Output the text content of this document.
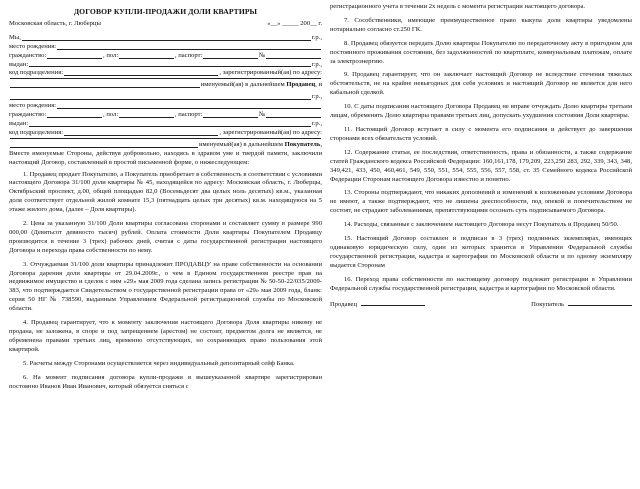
ДОГОВОР КУПЛИ-ПРОДАЖИ ДОЛИ КВАРТИРЫ
Московская область, г. Люберцы	«__» _____ 200__ г.
Мы,	г.р.,
место рождения:
гражданство:	, пол:	, паспорт:	№
выдан:	г.р.,
код подразделения:	, зарегистрированный(ая) по адресу:
именуемый(ая) в дальнейшем
Продавец , и
г.р.,
место рождения:
гражданство:	, пол:	, паспорт:	№
выдан:	г.р.,
код подразделения:	, зарегистрированный(ая) по адресу:
именуемый(ая) в дальнейшем
Покупатель ,

Вместе именуемые Стороны, действуя добровольно, находясь в здравом уме и твердой памяти, заключили настоящий Договор, составленный в простой письменной форме, о нижеследующем:

1. Продавец продает Покупателю, а Покупатель приобретает в собственность в соответствии с условиями настоящего Договора 31/100 доли квартиры № 45, находящейся по адресу: Московская область, г. Люберцы, Октябрьский проспект, д.00, общей площадью 82,0 (Восемьдесят два целых ноль десятых) кв.м., указанная доля соответствует отдельной жилой комнате 15,3 (пятнадцать целых три десятых) кв.м. находящуюся на 5 этаже жилого дома, (далее – Доля квартиры).

2. Цена за указанную 31/100 Доли квартиры согласована сторонами и составляет сумму в размере 990 000,00 (Девятьсот девяносто тысяч) рублей. Оплата стоимости Доли квартиры Покупателем Продавцу производится в течение 3 (трех) рабочих дней, считая с даты государственной регистрации настоящего Договора и перехода права собственности по нему.

3. Отчуждаемая 31/100 доли квартиры принадлежит ПРОДАВЦУ на праве собственности на основании Договора дарения доли квартиры от 29.04.2009г., о чем в Едином государственном реестре прав на недвижимое имущество и сделок с ним «29» мая 2009 года сделана запись регистрации № 50-50-22/035/2009-383, что подтверждается Свидетельством о государственной регистрации права от «29» мая 2009 года, бланк: серия 50 НГ № 738590, выданным Управлением Федеральной регистрационной службы по Московской области.

4. Продавец гарантирует, что к моменту заключения настоящего Договора Доля квартиры никому не продана, не заложена, в споре и под запрещением (арестом) не состоит, предметом долга не является, не обременена правами третьих лиц, временно отсутствующих, но сохраняющих право пользования этой квартирой.

5. Расчеты между Сторонами осуществляется через индивидуальный депозитарный сейф Банка.

6. На момент подписания договора купли-продажи в вышеуказанной квартире зарегистрирован постоянно Иванов Иван Иванович, который обязуется сняться с

регистрационного учета в течении 2х недель с момента регистрации настоящего договора.

7. Сособственники, имеющие преимущественное право выкупа доли квартиры уведомлены нотариально согласно ст.250 ГК.

8. Продавец обязуется передать Долю квартиры Покупателю по передаточному акту в пригодном для постоянного проживания состоянии, без задолженностей по квартплате, коммунальным платежам, оплате за электроэнергию.

9. Продавец гарантирует, что он заключает настоящий Договор не вследствие стечения тяжелых обстоятельств, не на крайне невыгодных для себя условиях и настоящий Договор не является для него кабальной сделкой.

10. С даты подписания настоящего Договора Продавец не вправе отчуждать Долю квартиры третьим лицам, обременять Долю квартиры правами третьих лиц, допускать ухудшения состояния Доли квартиры.

11. Настоящий Договор вступает в силу с момента его подписания и действует до завершения сторонами всех обязательств условий.

12. Содержание статьи, ее последствия, ответственность, права и обязанности, а также содержание статей Гражданского кодекса Российской Федерации: 160,161,178, 179,209, 223,250 283, 292, 339, 343, 348, 349,421, 433, 450, 460,461, 549, 550, 551, 554, 555, 556, 557, 558, ст. 35 Семейного кодекса Российской Федерации Сторонам настоящего Договора известно и понятно.

13. Стороны подтверждают, что никаких дополнений и изменений к изложенным условиям Договора не имеют, а также подтверждают, что не лишены дееспособности, под опекой и попечительством не состоят, не страдают заболеваниями, препятствующими осознать суть подписываемого Договора.

14. Расходы, связанные с заключением настоящего Договора несут Покупатель и Продавец 50/50.

15. Настоящий Договор составлен и подписан в 3 (трех) подлинных экземплярах, имеющих одинаковую юридическую силу, один из которых хранится в Управлении Федеральной службы государственной регистрации, кадастра и картографии по Московской области и по одному экземпляру выдается Сторонам

16. Переход права собственности по настоящему договору подлежит регистрации в Управлении Федеральной службы государственной регистрации, кадастра и картографии по Московской области.

Продавец	Покупатель
